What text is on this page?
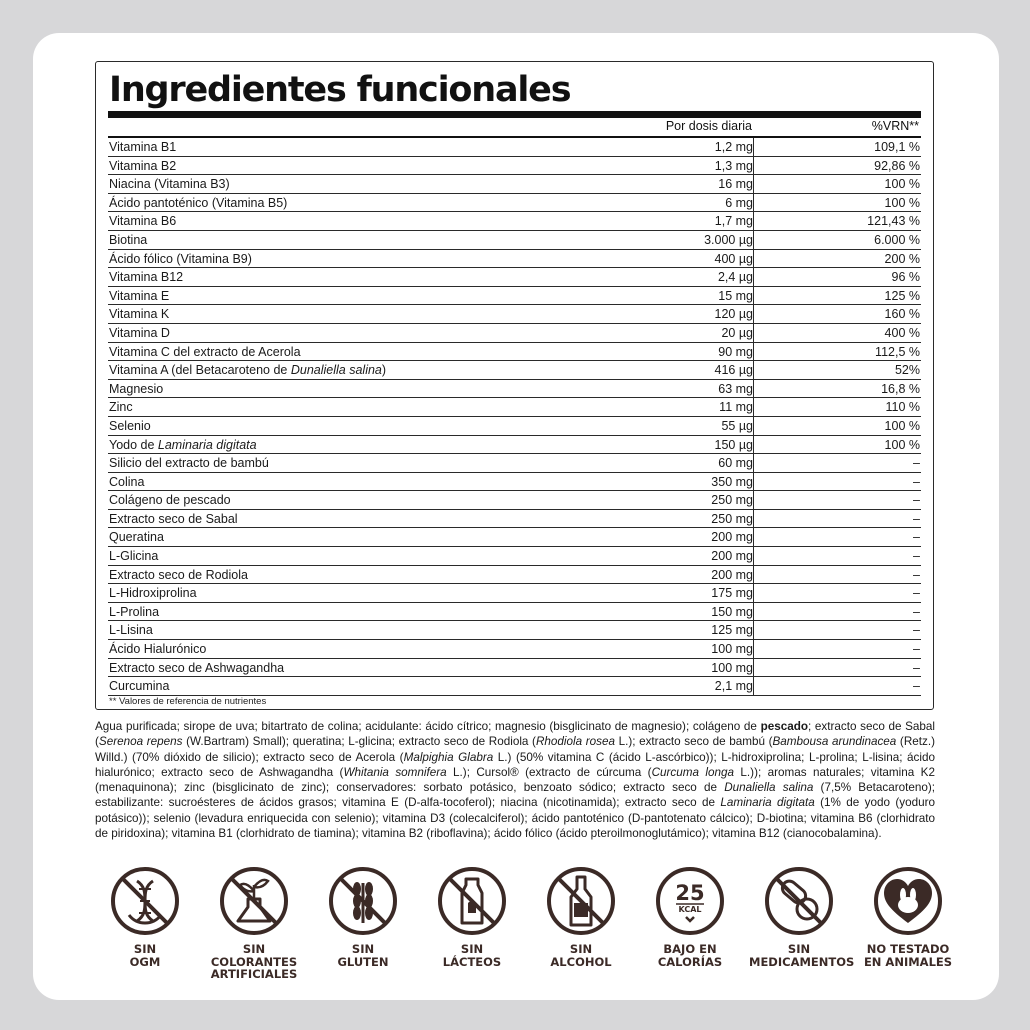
Ingredientes funcionales
Por dosis diaria	%VRN**
Vitamina B1	1,2 mg	109,1 %
Vitamina B2	1,3 mg	92,86 %
Niacina (Vitamina B3)	16 mg	100 %
Ácido pantoténico (Vitamina B5)	6 mg	100 %
Vitamina B6	1,7 mg	121,43 %
Biotina	3.000 µg	6.000 %
Ácido fólico (Vitamina B9)	400 µg	200 %
Vitamina B12	2,4 µg	96 %
Vitamina E	15 mg	125 %
Vitamina K	120 µg	160 %
Vitamina D	20 µg	400 %
Vitamina C del extracto de Acerola	90 mg	112,5 %
Vitamina A (del Betacaroteno de Dunaliella salina)	416 µg	52%
Magnesio	63 mg	16,8 %
Zinc	11 mg	110 %
Selenio	55 µg	100 %
Yodo de Laminaria digitata	150 µg	100 %
Silicio del extracto de bambú	60 mg	–
Colina	350 mg	–
Colágeno de pescado	250 mg	–
Extracto seco de Sabal	250 mg	–
Queratina	200 mg	–
L-Glicina	200 mg	–
Extracto seco de Rodiola	200 mg	–
L-Hidroxiprolina	175 mg	–
L-Prolina	150 mg	–
L-Lisina	125 mg	–
Ácido Hialurónico	100 mg	–
Extracto seco de Ashwagandha	100 mg	–
Curcumina	2,1 mg	–
** Valores de referencia de nutrientes

Agua purificada; sirope de uva; bitartrato de colina; acidulante: ácido cítrico; magnesio (bisglicinato de magnesio); colágeno de pescado; extracto seco de Sabal (Serenoa repens (W.Bartram) Small); queratina; L-glicina; extracto seco de Rodiola (Rhodiola rosea L.); extracto seco de bambú (Bambousa arundinacea (Retz.) Willd.) (70% dióxido de silicio); extracto seco de Acerola (Malpighia Glabra L.) (50% vitamina C (ácido L-ascórbico)); L-hidroxiprolina; L-prolina; L-lisina; ácido hialurónico; extracto seco de Ashwagandha (Whitania somnifera L.); Cursol® (extracto de cúrcuma (Curcuma longa L.)); aromas naturales; vitamina K2 (menaquinona); zinc (bisglicinato de zinc); conservadores: sorbato potásico, benzoato sódico; extracto seco de Dunaliella salina (7,5% Betacaroteno); estabilizante: sucroésteres de ácidos grasos; vitamina E (D-alfa-tocoferol); niacina (nicotinamida); extracto seco de Laminaria digitata (1% de yodo (yoduro potásico)); selenio (levadura enriquecida con selenio); vitamina D3 (colecalciferol); ácido pantoténico (D-pantotenato cálcico); D-biotina; vitamina B6 (clorhidrato de piridoxina); vitamina B1 (clorhidrato de tiamina); vitamina B2 (riboflavina); ácido fólico (ácido pteroilmonoglutámico); vitamina B12 (cianocobalamina).

SIN
OGM
SIN
COLORANTES
ARTIFICIALES
SIN
GLUTEN
SIN
LÁCTEOS
SIN
ALCOHOL
25
KCAL
BAJO EN
CALORÍAS
SIN
MEDICAMENTOS
NO TESTADO
EN ANIMALES
